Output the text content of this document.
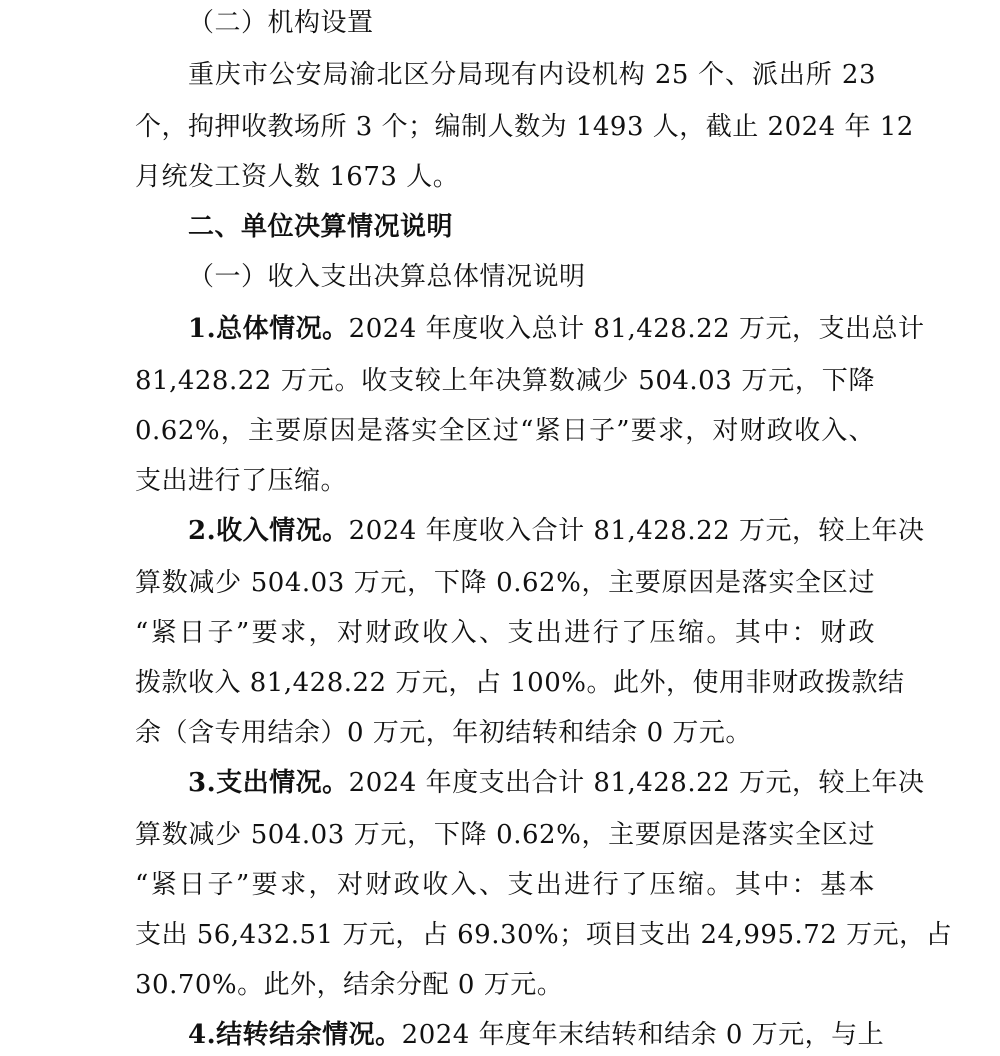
（二）机构设置
重庆市公安局渝北区分局现有内设机构 25 个、派出所 23
个，拘押收教场所 3 个；编制人数为 1493 人，截止 2024 年 12
月统发工资人数 1673 人。
二、单位决算情况说明
（一）收入支出决算总体情况说明
1.总体情况。2024 年度收入总计 81,428.22 万元，支出总计
81,428.22 万元。收支较上年决算数减少 504.03 万元，下降
0.62%，主要原因是落实全区过“紧日子”要求，对财政收入、
支出进行了压缩。
2.收入情况。2024 年度收入合计 81,428.22 万元，较上年决
算数减少 504.03 万元，下降 0.62%，主要原因是落实全区过
“紧日子”要求，对财政收入、支出进行了压缩。其中：财政
拨款收入 81,428.22 万元，占 100%。此外，使用非财政拨款结
余（含专用结余）0 万元，年初结转和结余 0 万元。
3.支出情况。2024 年度支出合计 81,428.22 万元，较上年决
算数减少 504.03 万元，下降 0.62%，主要原因是落实全区过
“紧日子”要求，对财政收入、支出进行了压缩。其中：基本
支出 56,432.51 万元，占 69.30%；项目支出 24,995.72 万元，占
30.70%。此外，结余分配 0 万元。
4.结转结余情况。2024 年度年末结转和结余 0 万元，与上
